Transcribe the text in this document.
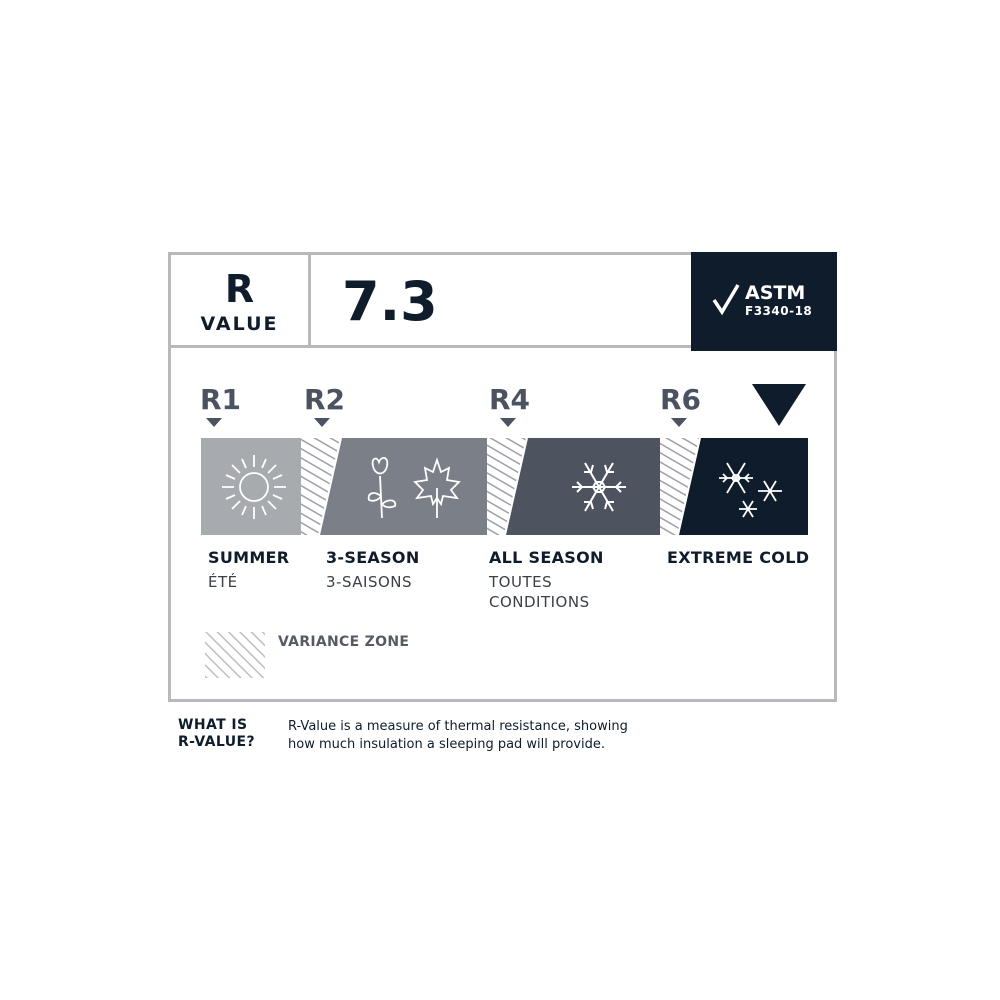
R
VALUE	7.3	ASTM
F3340-18
R1 R2	R4	R6
SUMMER
ÉTÉ
3-SEASON
3-SAISONS
ALL SEASON
TOUTES
CONDITIONS
EXTREME COLD
VARIANCE ZONE
WHAT IS
R-VALUE?
R-Value is a measure of thermal resistance, showing
how much insulation a sleeping pad will provide.
